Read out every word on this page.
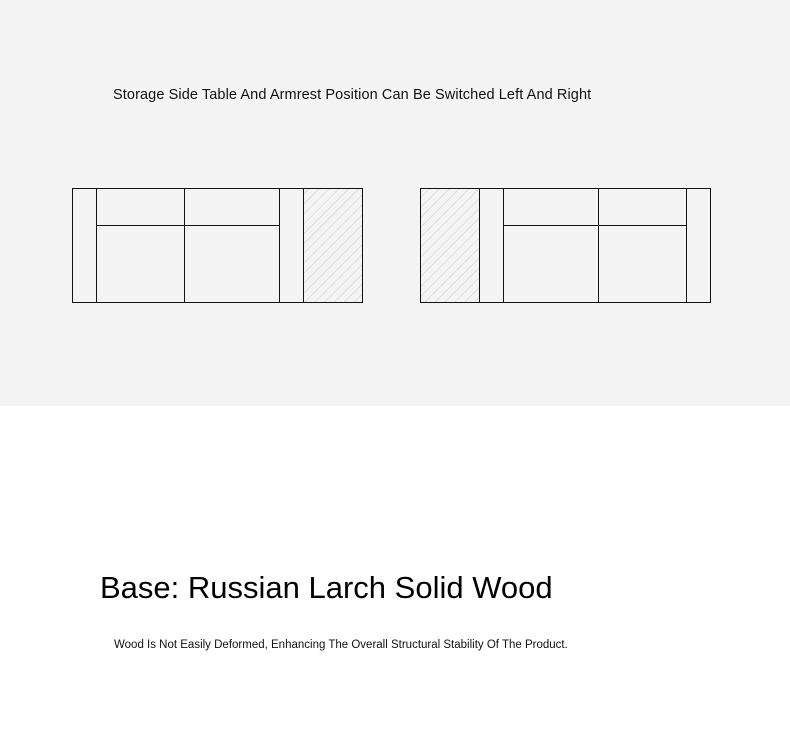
Storage Side Table And Armrest Position Can Be Switched Left And Right
Base: Russian Larch Solid Wood
Wood Is Not Easily Deformed, Enhancing The Overall Structural Stability Of The Product.
